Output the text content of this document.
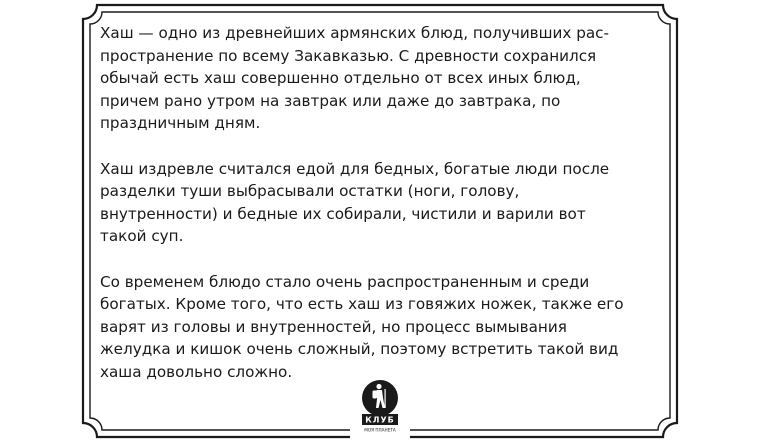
Хаш — одно из древнейших армянских блюд, получивших рас-
пространение по всему Закавказью. С древности сохранился
обычай есть хаш совершенно отдельно от всех иных блюд,
причем рано утром на завтрак или даже до завтрака, по
праздничным дням.

Хаш издревле считался едой для бедных, богатые люди после
разделки туши выбрасывали остатки (ноги, голову,
внутренности) и бедные их собирали, чистили и варили вот
такой суп.

Со временем блюдо стало очень распространенным и среди
богатых. Кроме того, что есть хаш из говяжих ножек, также его
варят из головы и внутренностей, но процесс вымывания
желудка и кишок очень сложный, поэтому встретить такой вид
хаша довольно сложно.

КЛУБ
МОЯ ПЛАНЕТА
